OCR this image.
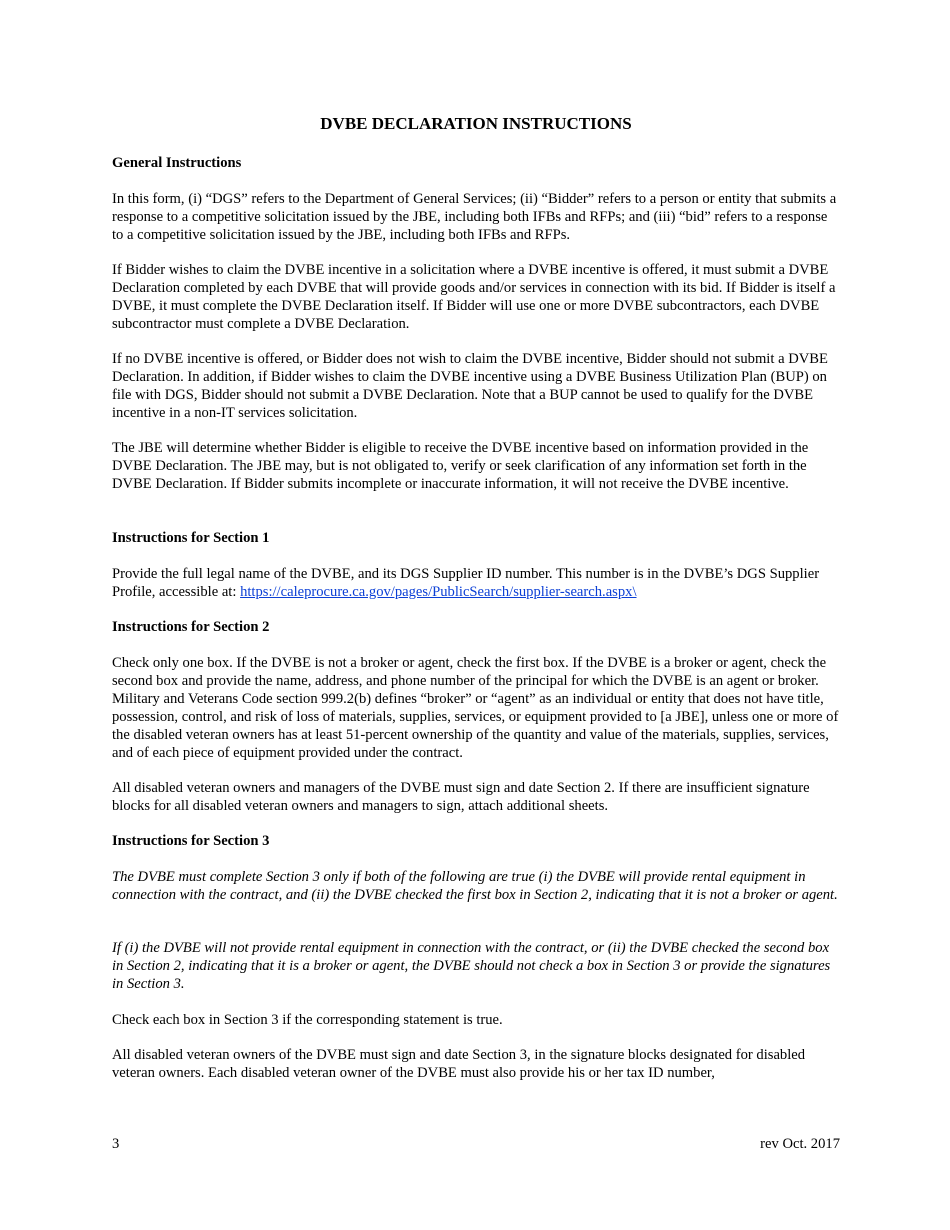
DVBE DECLARATION INSTRUCTIONS

General Instructions

In this form, (i) “DGS” refers to the Department of General Services; (ii) “Bidder” refers to a person or entity that submits a response to a competitive solicitation issued by the JBE, including both IFBs and RFPs; and (iii) “bid” refers to a response to a competitive solicitation issued by the JBE, including both IFBs and RFPs.

If Bidder wishes to claim the DVBE incentive in a solicitation where a DVBE incentive is offered, it must submit a DVBE Declaration completed by each DVBE that will provide goods and/or services in connection with its bid. If Bidder is itself a DVBE, it must complete the DVBE Declaration itself. If Bidder will use one or more DVBE subcontractors, each DVBE subcontractor must complete a DVBE Declaration.

If no DVBE incentive is offered, or Bidder does not wish to claim the DVBE incentive, Bidder should not submit a DVBE Declaration. In addition, if Bidder wishes to claim the DVBE incentive using a DVBE Business Utilization Plan (BUP) on file with DGS, Bidder should not submit a DVBE Declaration. Note that a BUP cannot be used to qualify for the DVBE incentive in a non-IT services solicitation.

The JBE will determine whether Bidder is eligible to receive the DVBE incentive based on information provided in the DVBE Declaration. The JBE may, but is not obligated to, verify or seek clarification of any information set forth in the DVBE Declaration. If Bidder submits incomplete or inaccurate information, it will not receive the DVBE incentive.

Instructions for Section 1

Provide the full legal name of the DVBE, and its DGS Supplier ID number. This number is in the DVBE’s DGS Supplier Profile, accessible at: https://caleprocure.ca.gov/pages/PublicSearch/supplier-search.aspx\

Instructions for Section 2

Check only one box. If the DVBE is not a broker or agent, check the first box. If the DVBE is a broker or agent, check the second box and provide the name, address, and phone number of the principal for which the DVBE is an agent or broker. Military and Veterans Code section 999.2(b) defines “broker” or “agent” as an individual or entity that does not have title, possession, control, and risk of loss of materials, supplies, services, or equipment provided to [a JBE], unless one or more of the disabled veteran owners has at least 51-percent ownership of the quantity and value of the materials, supplies, services, and of each piece of equipment provided under the contract.

All disabled veteran owners and managers of the DVBE must sign and date Section 2. If there are insufficient signature blocks for all disabled veteran owners and managers to sign, attach additional sheets.

Instructions for Section 3

The DVBE must complete Section 3 only if both of the following are true (i) the DVBE will provide rental equipment in connection with the contract, and (ii) the DVBE checked the first box in Section 2, indicating that it is not a broker or agent.

If (i) the DVBE will not provide rental equipment in connection with the contract, or (ii) the DVBE checked the second box in Section 2, indicating that it is a broker or agent, the DVBE should not check a box in Section 3 or provide the signatures in Section 3.

Check each box in Section 3 if the corresponding statement is true.

All disabled veteran owners of the DVBE must sign and date Section 3, in the signature blocks designated for disabled veteran owners. Each disabled veteran owner of the DVBE must also provide his or her tax ID number,

3	rev Oct. 2017
